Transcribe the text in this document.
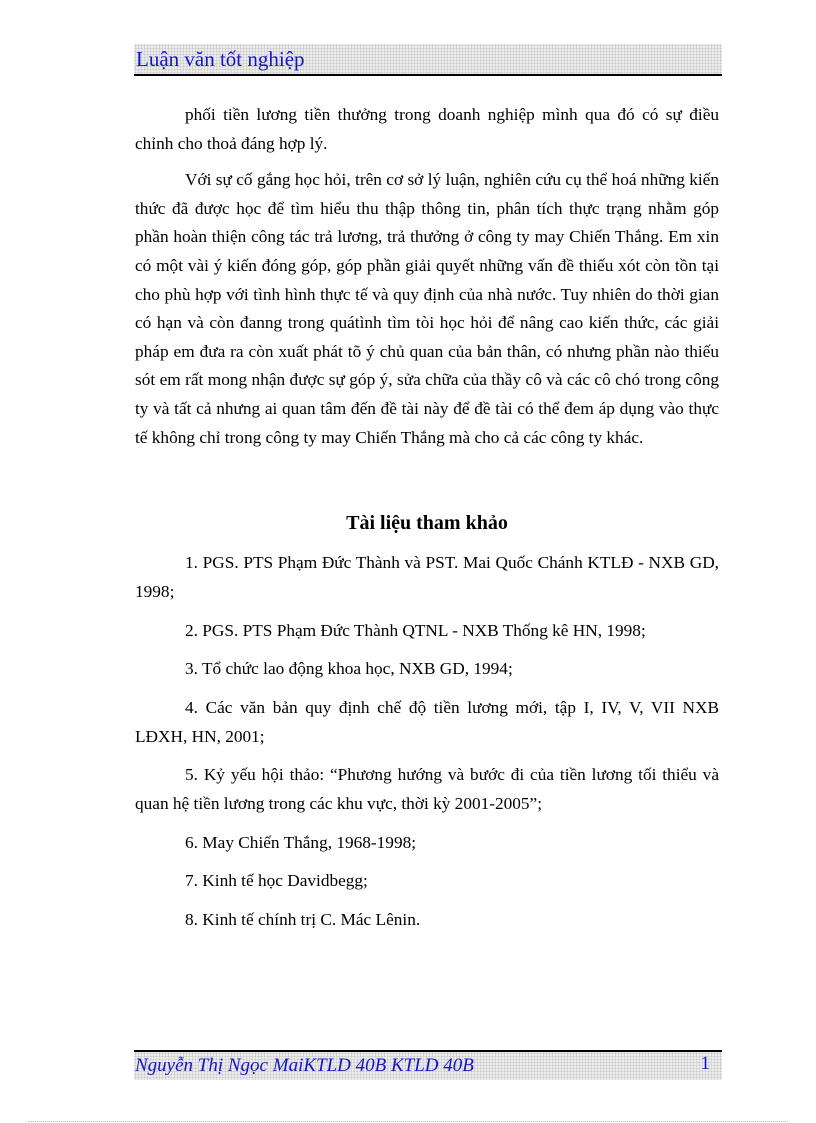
Luận văn tốt nghiệp

phối tiền lương tiền thưởng trong doanh nghiệp mình qua đó có sự điều chỉnh cho thoả đáng hợp lý.

Với sự cố gắng học hỏi, trên cơ sở lý luận, nghiên cứu cụ thể hoá những kiến thức đã được học để tìm hiểu thu thập thông tin, phân tích thực trạng nhằm góp phần hoàn thiện công tác trả lương, trả thưởng ở công ty may Chiến Thắng. Em xin có một vài ý kiến đóng góp, góp phần giải quyết những vấn đề thiếu xót còn tồn tại cho phù hợp với tình hình thực tế và quy định của nhà nước. Tuy nhiên do thời gian có hạn và còn đanng trong quátình tìm tòi học hỏi để nâng cao kiến thức, các giải pháp em đưa ra còn xuất phát tõ ý chủ quan của bản thân, có nhưng phần nào thiếu sót em rất mong nhận được sự góp ý, sửa chữa của thầy cô và các cô chó trong công ty và tất cả nhưng ai quan tâm đến đề tài này để đề tài có thể đem áp dụng vào thực tế không chỉ trong công ty may Chiến Thắng mà cho cả các công ty khác.

Tài liệu tham khảo

1. PGS. PTS Phạm Đức Thành và PST. Mai Quốc Chánh KTLĐ - NXB GD, 1998;

2. PGS. PTS Phạm Đức Thành QTNL - NXB Thống kê HN, 1998;

3. Tổ chức lao động khoa học, NXB GD, 1994;

4. Các văn bản quy định chế độ tiền lương mới, tập I, IV, V, VII NXB LĐXH, HN, 2001;

5. Kỷ yếu hội thảo: “Phương hướng và bước đi của tiền lương tối thiểu và quan hệ tiền lương trong các khu vực, thời kỳ 2001-2005”;

6. May Chiến Thắng, 1968-1998;

7. Kinh tế học Davidbegg;

8. Kinh tế chính trị C. Mác Lênin.

Nguyễn Thị Ngọc MaiKTLD 40B KTLD 40B	1
